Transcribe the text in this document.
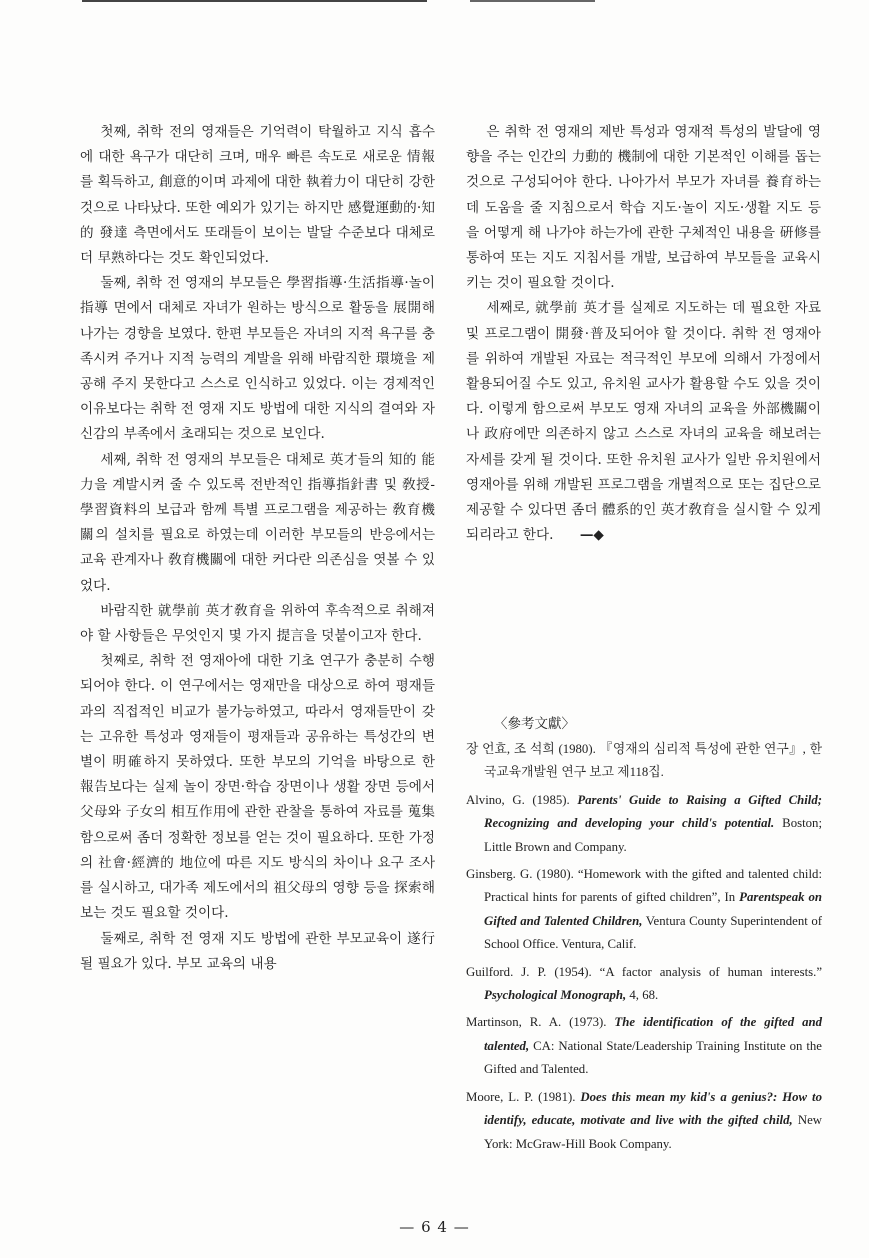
첫째, 취학 전의 영재들은 기억력이 탁월하고 지식 흡수에 대한 욕구가 대단히 크며, 매우 빠른 속도로 새로운 情報를 획득하고, 創意的이며 과제에 대한 執着力이 대단히 강한 것으로 나타났다. 또한 예외가 있기는 하지만 感覺運動的·知的 發達 측면에서도 또래들이 보이는 발달 수준보다 대체로 더 早熟하다는 것도 확인되었다.

둘째, 취학 전 영재의 부모들은 學習指導·生活指導·놀이指導 면에서 대체로 자녀가 원하는 방식으로 활동을 展開해 나가는 경향을 보였다. 한편 부모들은 자녀의 지적 욕구를 충족시켜 주거나 지적 능력의 계발을 위해 바람직한 環境을 제공해 주지 못한다고 스스로 인식하고 있었다. 이는 경제적인 이유보다는 취학 전 영재 지도 방법에 대한 지식의 결여와 자신감의 부족에서 초래되는 것으로 보인다.

세째, 취학 전 영재의 부모들은 대체로 英才들의 知的 能力을 계발시켜 줄 수 있도록 전반적인 指導指針書 및 敎授-學習資料의 보급과 함께 특별 프로그램을 제공하는 敎育機關의 설치를 필요로 하였는데 이러한 부모들의 반응에서는 교육 관계자나 敎育機關에 대한 커다란 의존심을 엿볼 수 있었다.

바람직한 就學前 英才敎育을 위하여 후속적으로 취해져야 할 사항들은 무엇인지 몇 가지 提言을 덧붙이고자 한다.

첫째로, 취학 전 영재아에 대한 기초 연구가 충분히 수행되어야 한다. 이 연구에서는 영재만을 대상으로 하여 평재들과의 직접적인 비교가 불가능하였고, 따라서 영재들만이 갖는 고유한 특성과 영재들이 평재들과 공유하는 특성간의 변별이 明確하지 못하였다. 또한 부모의 기억을 바탕으로 한 報告보다는 실제 놀이 장면·학습 장면이나 생활 장면 등에서 父母와 子女의 相互作用에 관한 관찰을 통하여 자료를 蒐集함으로써 좀더 정확한 정보를 얻는 것이 필요하다. 또한 가정의 社會·經濟的 地位에 따른 지도 방식의 차이나 요구 조사를 실시하고, 대가족 제도에서의 祖父母의 영향 등을 探索해 보는 것도 필요할 것이다.

둘째로, 취학 전 영재 지도 방법에 관한 부모교육이 遂行될 필요가 있다. 부모 교육의 내용

은 취학 전 영재의 제반 특성과 영재적 특성의 발달에 영향을 주는 인간의 力動的 機制에 대한 기본적인 이해를 돕는 것으로 구성되어야 한다. 나아가서 부모가 자녀를 養育하는 데 도움을 줄 지침으로서 학습 지도·놀이 지도·생활 지도 등을 어떻게 해 나가야 하는가에 관한 구체적인 내용을 硏修를 통하여 또는 지도 지침서를 개발, 보급하여 부모들을 교육시키는 것이 필요할 것이다.

세째로, 就學前 英才를 실제로 지도하는 데 필요한 자료 및 프로그램이 開發·普及되어야 할 것이다. 취학 전 영재아를 위하여 개발된 자료는 적극적인 부모에 의해서 가정에서 활용되어질 수도 있고, 유치원 교사가 활용할 수도 있을 것이다. 이렇게 함으로써 부모도 영재 자녀의 교육을 外部機關이나 政府에만 의존하지 않고 스스로 자녀의 교육을 해보려는 자세를 갖게 될 것이다. 또한 유치원 교사가 일반 유치원에서 영재아를 위해 개발된 프로그램을 개별적으로 또는 집단으로 제공할 수 있다면 좀더 體系的인 英才敎育을 실시할 수 있게 되리라고 한다. —◆

〈參考文獻〉

장 언효, 조 석희 (1980). 『영재의 심리적 특성에 관한 연구』, 한국교육개발원 연구 보고 제118집.

Alvino, G. (1985). Parents' Guide to Raising a Gifted Child; Recognizing and developing your child's potential. Boston; Little Brown and Company.

Ginsberg. G. (1980). “Homework with the gifted and talented child: Practical hints for parents of gifted children”, In Parentspeak on Gifted and Talented Children, Ventura County Superintendent of School Office. Ventura, Calif.

Guilford. J. P. (1954). “A factor analysis of human interests.” Psychological Monograph, 4, 68.

Martinson, R. A. (1973). The identification of the gifted and talented, CA: National State/Leadership Training Institute on the Gifted and Talented.

Moore, L. P. (1981). Does this mean my kid's a genius?: How to identify, educate, motivate and live with the gifted child, New York: McGraw-Hill Book Company.

— 6 4 —
